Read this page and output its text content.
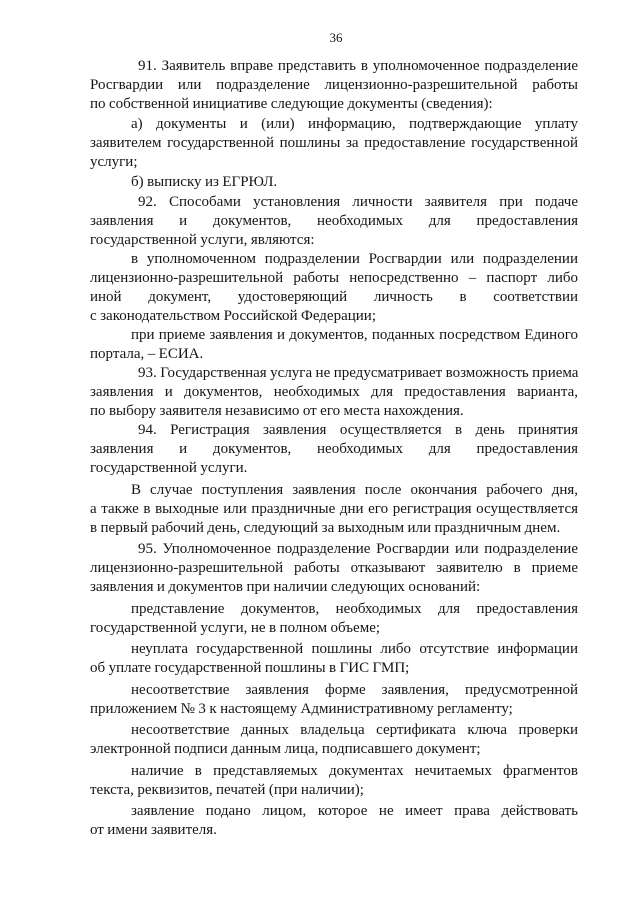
36
91. Заявитель вправе представить в уполномоченное подразделение
Росгвардии или подразделение лицензионно-разрешительной работы
по собственной инициативе следующие документы (сведения):
а) документы и (или) информацию, подтверждающие уплату
заявителем государственной пошлины за предоставление государственной
услуги;
б) выписку из ЕГРЮЛ.
92. Способами установления личности заявителя при подаче
заявления и документов, необходимых для предоставления
государственной услуги, являются:
в уполномоченном подразделении Росгвардии или подразделении
лицензионно-разрешительной работы непосредственно – паспорт либо
иной документ, удостоверяющий личность в соответствии
с законодательством Российской Федерации;
при приеме заявления и документов, поданных посредством Единого
портала, – ЕСИА.
93. Государственная услуга не предусматривает возможность приема
заявления и документов, необходимых для предоставления варианта,
по выбору заявителя независимо от его места нахождения.
94. Регистрация заявления осуществляется в день принятия
заявления и документов, необходимых для предоставления
государственной услуги.
В случае поступления заявления после окончания рабочего дня,
а также в выходные или праздничные дни его регистрация осуществляется
в первый рабочий день, следующий за выходным или праздничным днем.
95. Уполномоченное подразделение Росгвардии или подразделение
лицензионно-разрешительной работы отказывают заявителю в приеме
заявления и документов при наличии следующих оснований:
представление документов, необходимых для предоставления
государственной услуги, не в полном объеме;
неуплата государственной пошлины либо отсутствие информации
об уплате государственной пошлины в ГИС ГМП;
несоответствие заявления форме заявления, предусмотренной
приложением № 3 к настоящему Административному регламенту;
несоответствие данных владельца сертификата ключа проверки
электронной подписи данным лица, подписавшего документ;
наличие в представляемых документах нечитаемых фрагментов
текста, реквизитов, печатей (при наличии);
заявление подано лицом, которое не имеет права действовать
от имени заявителя.
